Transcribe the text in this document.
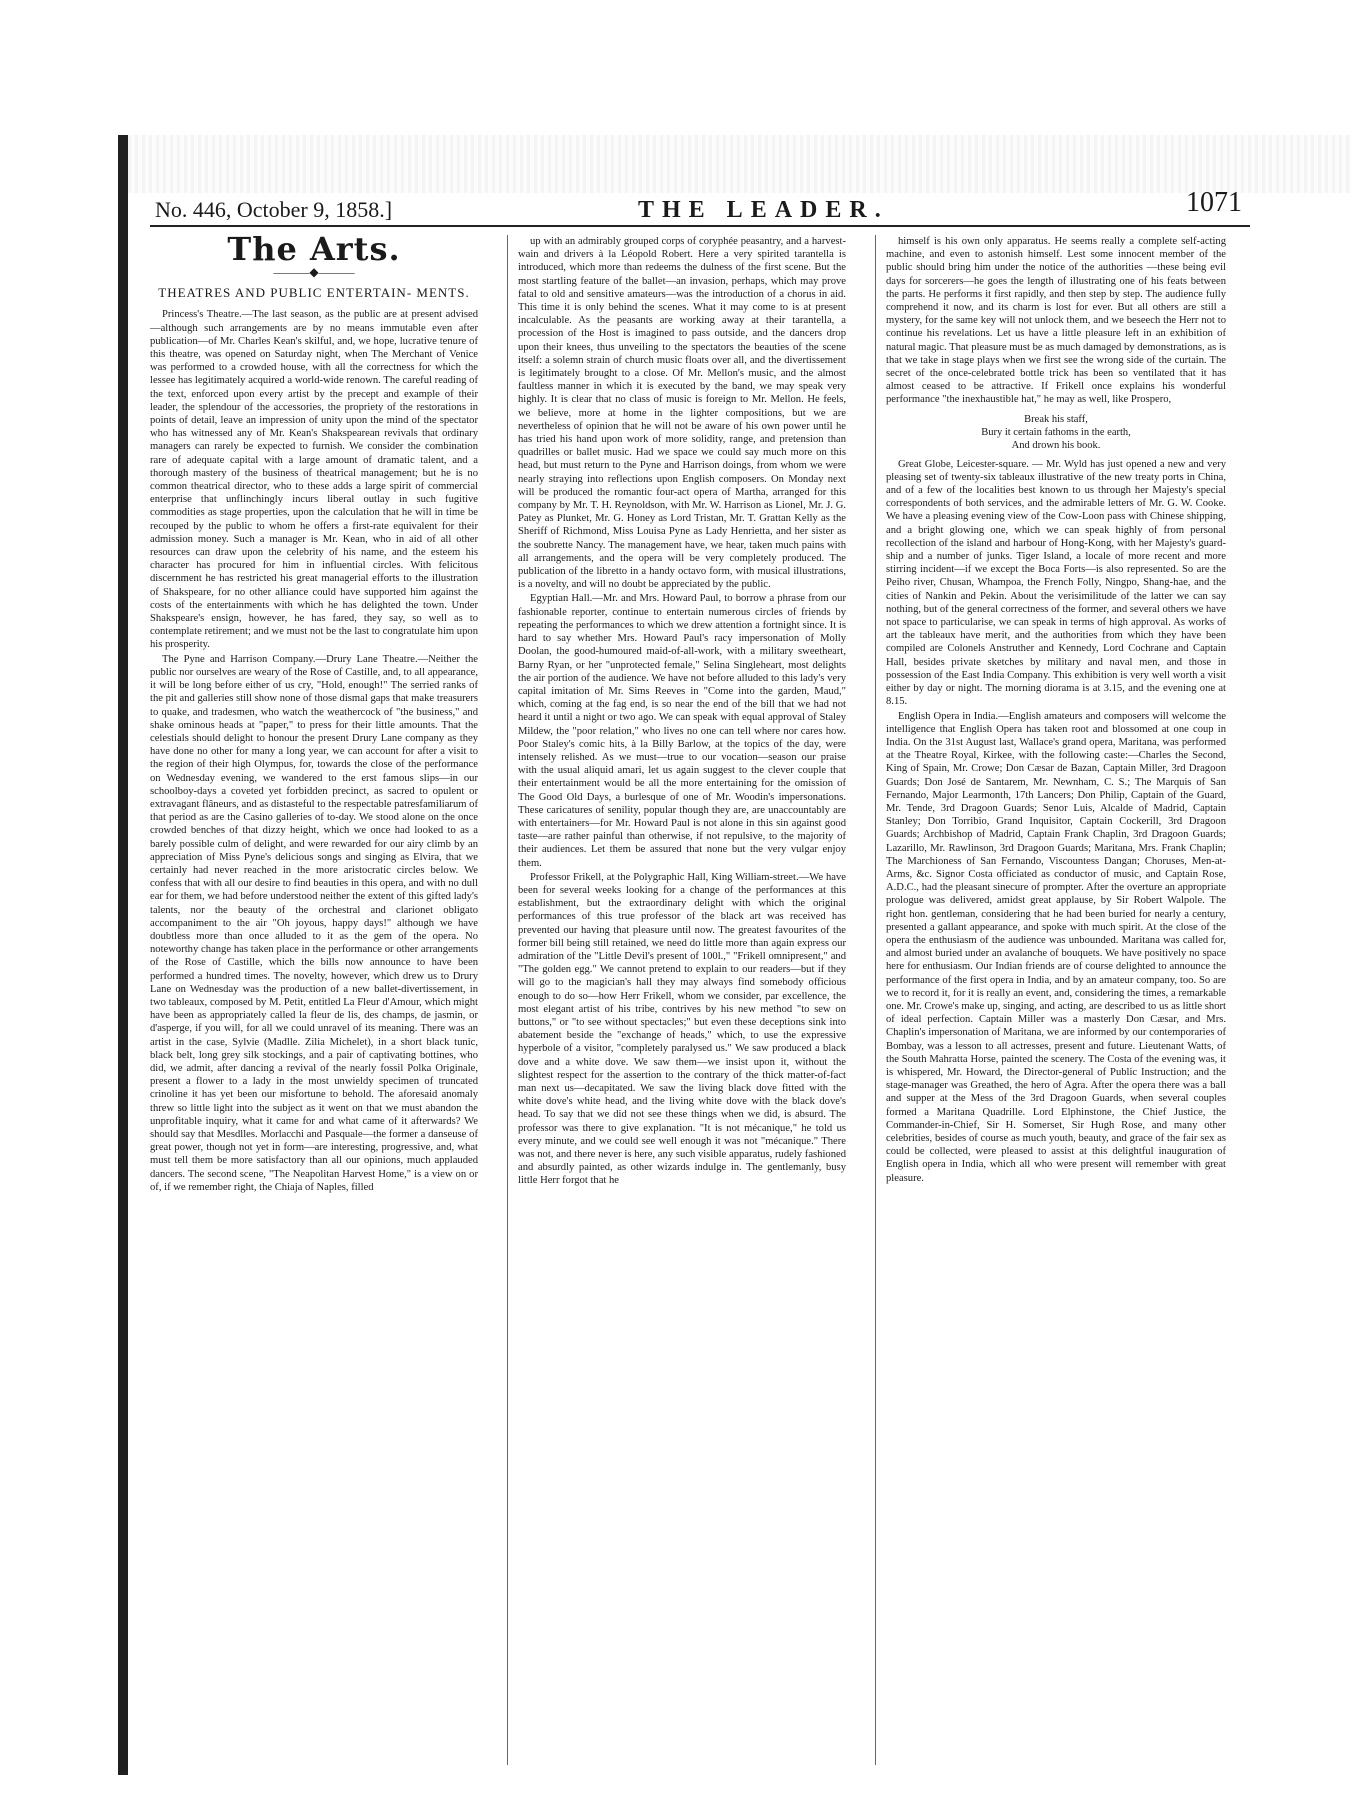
No. 446, October 9, 1858.]	THE LEADER.	1071
The Arts.
———◆———
THEATRES AND PUBLIC ENTERTAIN- MENTS.

Princess's Theatre.—The last season, as the public are at present advised—although such arrangements are by no means immutable even after publication—of Mr. Charles Kean's skilful, and, we hope, lucrative tenure of this theatre, was opened on Saturday night, when The Merchant of Venice was performed to a crowded house, with all the correctness for which the lessee has legitimately acquired a world-wide renown. The careful reading of the text, enforced upon every artist by the precept and example of their leader, the splendour of the accessories, the propriety of the restorations in points of detail, leave an impression of unity upon the mind of the spectator who has witnessed any of Mr. Kean's Shakspearean revivals that ordinary managers can rarely be expected to furnish. We consider the combination rare of adequate capital with a large amount of dramatic talent, and a thorough mastery of the business of theatrical management; but he is no common theatrical director, who to these adds a large spirit of commercial enterprise that unflinchingly incurs liberal outlay in such fugitive commodities as stage properties, upon the calculation that he will in time be recouped by the public to whom he offers a first-rate equivalent for their admission money. Such a manager is Mr. Kean, who in aid of all other resources can draw upon the celebrity of his name, and the esteem his character has procured for him in influential circles. With felicitous discernment he has restricted his great managerial efforts to the illustration of Shakspeare, for no other alliance could have supported him against the costs of the entertainments with which he has delighted the town. Under Shakspeare's ensign, however, he has fared, they say, so well as to contemplate retirement; and we must not be the last to congratulate him upon his prosperity.

The Pyne and Harrison Company.—Drury Lane Theatre.—Neither the public nor ourselves are weary of the Rose of Castille, and, to all appearance, it will be long before either of us cry, "Hold, enough!" The serried ranks of the pit and galleries still show none of those dismal gaps that make treasurers to quake, and tradesmen, who watch the weathercock of "the business," and shake ominous heads at "paper," to press for their little amounts. That the celestials should delight to honour the present Drury Lane company as they have done no other for many a long year, we can account for after a visit to the region of their high Olympus, for, towards the close of the performance on Wednesday evening, we wandered to the erst famous slips—in our schoolboy-days a coveted yet forbidden precinct, as sacred to opulent or extravagant flâneurs, and as distasteful to the respectable patresfamiliarum of that period as are the Casino galleries of to-day. We stood alone on the once crowded benches of that dizzy height, which we once had looked to as a barely possible culm of delight, and were rewarded for our airy climb by an appreciation of Miss Pyne's delicious songs and singing as Elvira, that we certainly had never reached in the more aristocratic circles below. We confess that with all our desire to find beauties in this opera, and with no dull ear for them, we had before understood neither the extent of this gifted lady's talents, nor the beauty of the orchestral and clarionet obligato accompaniment to the air "Oh joyous, happy days!" although we have doubtless more than once alluded to it as the gem of the opera. No noteworthy change has taken place in the performance or other arrangements of the Rose of Castille, which the bills now announce to have been performed a hundred times. The novelty, however, which drew us to Drury Lane on Wednesday was the production of a new ballet-divertissement, in two tableaux, composed by M. Petit, entitled La Fleur d'Amour, which might have been as appropriately called la fleur de lis, des champs, de jasmin, or d'asperge, if you will, for all we could unravel of its meaning. There was an artist in the case, Sylvie (Madlle. Zilia Michelet), in a short black tunic, black belt, long grey silk stockings, and a pair of captivating bottines, who did, we admit, after dancing a revival of the nearly fossil Polka Originale, present a flower to a lady in the most unwieldy specimen of truncated crinoline it has yet been our misfortune to behold. The aforesaid anomaly threw so little light into the subject as it went on that we must abandon the unprofitable inquiry, what it came for and what came of it afterwards? We should say that Mesdlles. Morlacchi and Pasquale—the former a danseuse of great power, though not yet in form—are interesting, progressive, and, what must tell them be more satisfactory than all our opinions, much applauded dancers. The second scene, "The Neapolitan Harvest Home," is a view on or of, if we remember right, the Chiaja of Naples, filled

up with an admirably grouped corps of coryphée peasantry, and a harvest-wain and drivers à la Léopold Robert. Here a very spirited tarantella is introduced, which more than redeems the dulness of the first scene. But the most startling feature of the ballet—an invasion, perhaps, which may prove fatal to old and sensitive amateurs—was the introduction of a chorus in aid. This time it is only behind the scenes. What it may come to is at present incalculable. As the peasants are working away at their tarantella, a procession of the Host is imagined to pass outside, and the dancers drop upon their knees, thus unveiling to the spectators the beauties of the scene itself: a solemn strain of church music floats over all, and the divertissement is legitimately brought to a close. Of Mr. Mellon's music, and the almost faultless manner in which it is executed by the band, we may speak very highly. It is clear that no class of music is foreign to Mr. Mellon. He feels, we believe, more at home in the lighter compositions, but we are nevertheless of opinion that he will not be aware of his own power until he has tried his hand upon work of more solidity, range, and pretension than quadrilles or ballet music. Had we space we could say much more on this head, but must return to the Pyne and Harrison doings, from whom we were nearly straying into reflections upon English composers. On Monday next will be produced the romantic four-act opera of Martha, arranged for this company by Mr. T. H. Reynoldson, with Mr. W. Harrison as Lionel, Mr. J. G. Patey as Plunket, Mr. G. Honey as Lord Tristan, Mr. T. Grattan Kelly as the Sheriff of Richmond, Miss Louisa Pyne as Lady Henrietta, and her sister as the soubrette Nancy. The management have, we hear, taken much pains with all arrangements, and the opera will be very completely produced. The publication of the libretto in a handy octavo form, with musical illustrations, is a novelty, and will no doubt be appreciated by the public.

Egyptian Hall.—Mr. and Mrs. Howard Paul, to borrow a phrase from our fashionable reporter, continue to entertain numerous circles of friends by repeating the performances to which we drew attention a fortnight since. It is hard to say whether Mrs. Howard Paul's racy impersonation of Molly Doolan, the good-humoured maid-of-all-work, with a military sweetheart, Barny Ryan, or her "unprotected female," Selina Singleheart, most delights the air portion of the audience. We have not before alluded to this lady's very capital imitation of Mr. Sims Reeves in "Come into the garden, Maud," which, coming at the fag end, is so near the end of the bill that we had not heard it until a night or two ago. We can speak with equal approval of Staley Mildew, the "poor relation," who lives no one can tell where nor cares how. Poor Staley's comic hits, à la Billy Barlow, at the topics of the day, were intensely relished. As we must—true to our vocation—season our praise with the usual aliquid amari, let us again suggest to the clever couple that their entertainment would be all the more entertaining for the omission of The Good Old Days, a burlesque of one of Mr. Woodin's impersonations. These caricatures of senility, popular though they are, are unaccountably are with entertainers—for Mr. Howard Paul is not alone in this sin against good taste—are rather painful than otherwise, if not repulsive, to the majority of their audiences. Let them be assured that none but the very vulgar enjoy them.

Professor Frikell, at the Polygraphic Hall, King William-street.—We have been for several weeks looking for a change of the performances at this establishment, but the extraordinary delight with which the original performances of this true professor of the black art was received has prevented our having that pleasure until now. The greatest favourites of the former bill being still retained, we need do little more than again express our admiration of the "Little Devil's present of 100l.," "Frikell omnipresent," and "The golden egg." We cannot pretend to explain to our readers—but if they will go to the magician's hall they may always find somebody officious enough to do so—how Herr Frikell, whom we consider, par excellence, the most elegant artist of his tribe, contrives by his new method "to sew on buttons," or "to see without spectacles;" but even these deceptions sink into abatement beside the "exchange of heads," which, to use the expressive hyperbole of a visitor, "completely paralysed us." We saw produced a black dove and a white dove. We saw them—we insist upon it, without the slightest respect for the assertion to the contrary of the thick matter-of-fact man next us—decapitated. We saw the living black dove fitted with the white dove's white head, and the living white dove with the black dove's head. To say that we did not see these things when we did, is absurd. The professor was there to give explanation. "It is not mécanique," he told us every minute, and we could see well enough it was not "mécanique." There was not, and there never is here, any such visible apparatus, rudely fashioned and absurdly painted, as other wizards indulge in. The gentlemanly, busy little Herr forgot that he

himself is his own only apparatus. He seems really a complete self-acting machine, and even to astonish himself. Lest some innocent member of the public should bring him under the notice of the authorities —these being evil days for sorcerers—he goes the length of illustrating one of his feats between the parts. He performs it first rapidly, and then step by step. The audience fully comprehend it now, and its charm is lost for ever. But all others are still a mystery, for the same key will not unlock them, and we beseech the Herr not to continue his revelations. Let us have a little pleasure left in an exhibition of natural magic. That pleasure must be as much damaged by demonstrations, as is that we take in stage plays when we first see the wrong side of the curtain. The secret of the once-celebrated bottle trick has been so ventilated that it has almost ceased to be attractive. If Frikell once explains his wonderful performance "the inexhaustible hat," he may as well, like Prospero,

Break his staff,
Bury it certain fathoms in the earth,
And drown his book.

Great Globe, Leicester-square. — Mr. Wyld has just opened a new and very pleasing set of twenty-six tableaux illustrative of the new treaty ports in China, and of a few of the localities best known to us through her Majesty's special correspondents of both services, and the admirable letters of Mr. G. W. Cooke. We have a pleasing evening view of the Cow-Loon pass with Chinese shipping, and a bright glowing one, which we can speak highly of from personal recollection of the island and harbour of Hong-Kong, with her Majesty's guard-ship and a number of junks. Tiger Island, a locale of more recent and more stirring incident—if we except the Boca Forts—is also represented. So are the Peiho river, Chusan, Whampoa, the French Folly, Ningpo, Shang-hae, and the cities of Nankin and Pekin. About the verisimilitude of the latter we can say nothing, but of the general correctness of the former, and several others we have not space to particularise, we can speak in terms of high approval. As works of art the tableaux have merit, and the authorities from which they have been compiled are Colonels Anstruther and Kennedy, Lord Cochrane and Captain Hall, besides private sketches by military and naval men, and those in possession of the East India Company. This exhibition is very well worth a visit either by day or night. The morning diorama is at 3.15, and the evening one at 8.15.

English Opera in India.—English amateurs and composers will welcome the intelligence that English Opera has taken root and blossomed at one coup in India. On the 31st August last, Wallace's grand opera, Maritana, was performed at the Theatre Royal, Kirkee, with the following caste:—Charles the Second, King of Spain, Mr. Crowe; Don Cæsar de Bazan, Captain Miller, 3rd Dragoon Guards; Don José de Santarem, Mr. Newnham, C. S.; The Marquis of San Fernando, Major Learmonth, 17th Lancers; Don Philip, Captain of the Guard, Mr. Tende, 3rd Dragoon Guards; Senor Luis, Alcalde of Madrid, Captain Stanley; Don Torribio, Grand Inquisitor, Captain Cockerill, 3rd Dragoon Guards; Archbishop of Madrid, Captain Frank Chaplin, 3rd Dragoon Guards; Lazarillo, Mr. Rawlinson, 3rd Dragoon Guards; Maritana, Mrs. Frank Chaplin; The Marchioness of San Fernando, Viscountess Dangan; Choruses, Men-at-Arms, &c. Signor Costa officiated as conductor of music, and Captain Rose, A.D.C., had the pleasant sinecure of prompter. After the overture an appropriate prologue was delivered, amidst great applause, by Sir Robert Walpole. The right hon. gentleman, considering that he had been buried for nearly a century, presented a gallant appearance, and spoke with much spirit. At the close of the opera the enthusiasm of the audience was unbounded. Maritana was called for, and almost buried under an avalanche of bouquets. We have positively no space here for enthusiasm. Our Indian friends are of course delighted to announce the performance of the first opera in India, and by an amateur company, too. So are we to record it, for it is really an event, and, considering the times, a remarkable one. Mr. Crowe's make up, singing, and acting, are described to us as little short of ideal perfection. Captain Miller was a masterly Don Cæsar, and Mrs. Chaplin's impersonation of Maritana, we are informed by our contemporaries of Bombay, was a lesson to all actresses, present and future. Lieutenant Watts, of the South Mahratta Horse, painted the scenery. The Costa of the evening was, it is whispered, Mr. Howard, the Director-general of Public Instruction; and the stage-manager was Greathed, the hero of Agra. After the opera there was a ball and supper at the Mess of the 3rd Dragoon Guards, when several couples formed a Maritana Quadrille. Lord Elphinstone, the Chief Justice, the Commander-in-Chief, Sir H. Somerset, Sir Hugh Rose, and many other celebrities, besides of course as much youth, beauty, and grace of the fair sex as could be collected, were pleased to assist at this delightful inauguration of English opera in India, which all who were present will remember with great pleasure.
